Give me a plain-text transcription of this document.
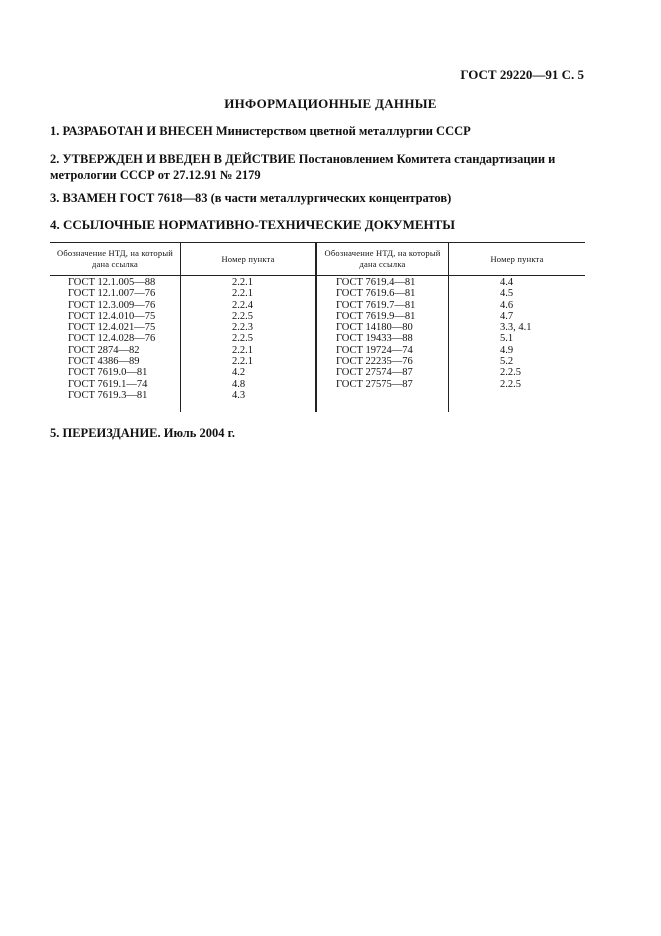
ГОСТ 29220—91 С. 5
ИНФОРМАЦИОННЫЕ ДАННЫЕ
1. РАЗРАБОТАН И ВНЕСЕН Министерством цветной металлургии СССР
2. УТВЕРЖДЕН И ВВЕДЕН В ДЕЙСТВИЕ Постановлением Комитета стандартизации и метрологии СССР от 27.12.91 № 2179
3. ВЗАМЕН ГОСТ 7618—83 (в части металлургических концентратов)
4. ССЫЛОЧНЫЕ НОРМАТИВНО-ТЕХНИЧЕСКИЕ ДОКУМЕНТЫ
Обозначение НТД, на который дана ссылка	Номер пункта
Обозначение НТД, на который дана ссылка	Номер пункта
ГОСТ 12.1.005—88
ГОСТ 12.1.007—76
ГОСТ 12.3.009—76
ГОСТ 12.4.010—75
ГОСТ 12.4.021—75
ГОСТ 12.4.028—76
ГОСТ 2874—82
ГОСТ 4386—89
ГОСТ 7619.0—81
ГОСТ 7619.1—74
ГОСТ 7619.3—81
2.2.1
2.2.1
2.2.4
2.2.5
2.2.3
2.2.5
2.2.1
2.2.1
4.2
4.8
4.3
ГОСТ 7619.4—81
ГОСТ 7619.6—81
ГОСТ 7619.7—81
ГОСТ 7619.9—81
ГОСТ 14180—80
ГОСТ 19433—88
ГОСТ 19724—74
ГОСТ 22235—76
ГОСТ 27574—87
ГОСТ 27575—87
4.4
4.5
4.6
4.7
3.3, 4.1
5.1
4.9
5.2
2.2.5
2.2.5
5. ПЕРЕИЗДАНИЕ. Июль 2004 г.
